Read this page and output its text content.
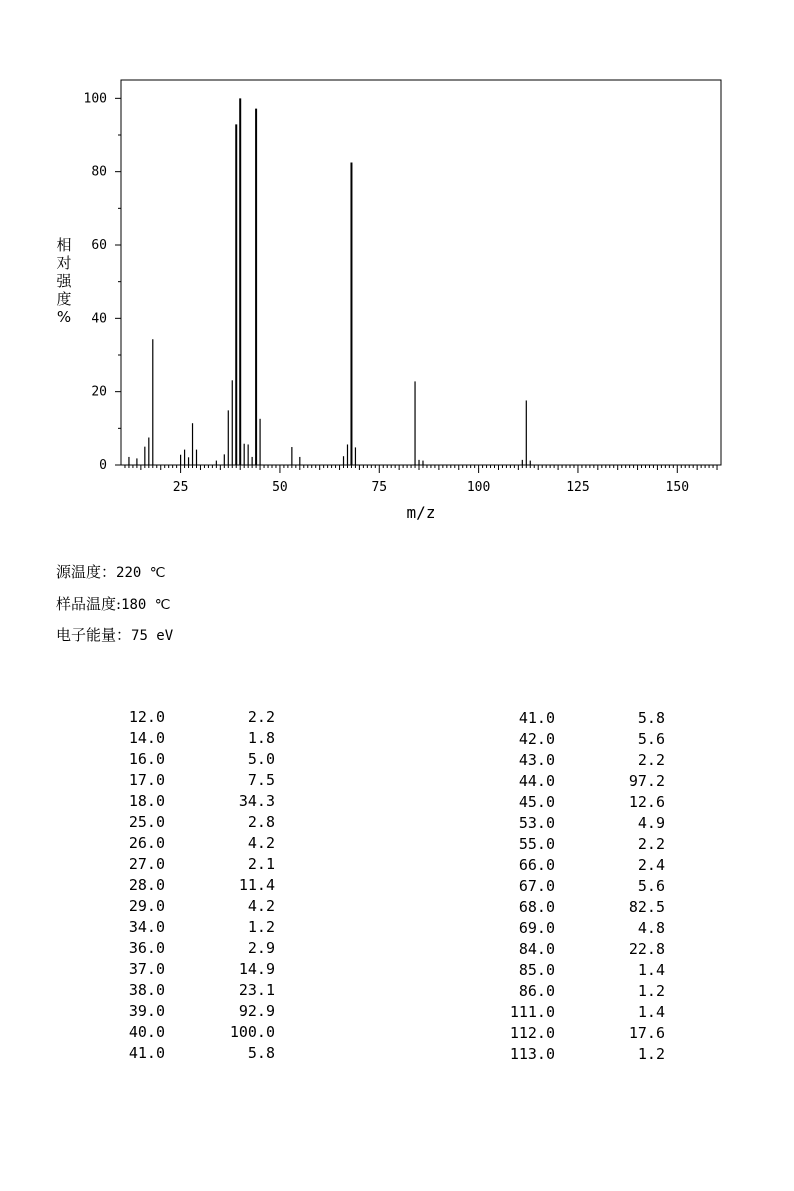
0
20
40
60
80
100
25	50	75	100	125	150
m/z
相
对
强
度
%
源温度：220 ℃
样品温度:180 ℃
电子能量：75 eV
12.0	2.2
14.0	1.8
16.0	5.0
17.0	7.5
18.0	34.3
25.0	2.8
26.0	4.2
27.0	2.1
28.0	11.4
29.0	4.2
34.0	1.2
36.0	2.9
37.0	14.9
38.0	23.1
39.0	92.9
40.0	100.0
41.0	5.8
41.0	5.8
42.0	5.6
43.0	2.2
44.0	97.2
45.0	12.6
53.0	4.9
55.0	2.2
66.0	2.4
67.0	5.6
68.0	82.5
69.0	4.8
84.0	22.8
85.0	1.4
86.0	1.2
111.0	1.4
112.0	17.6
113.0	1.2
